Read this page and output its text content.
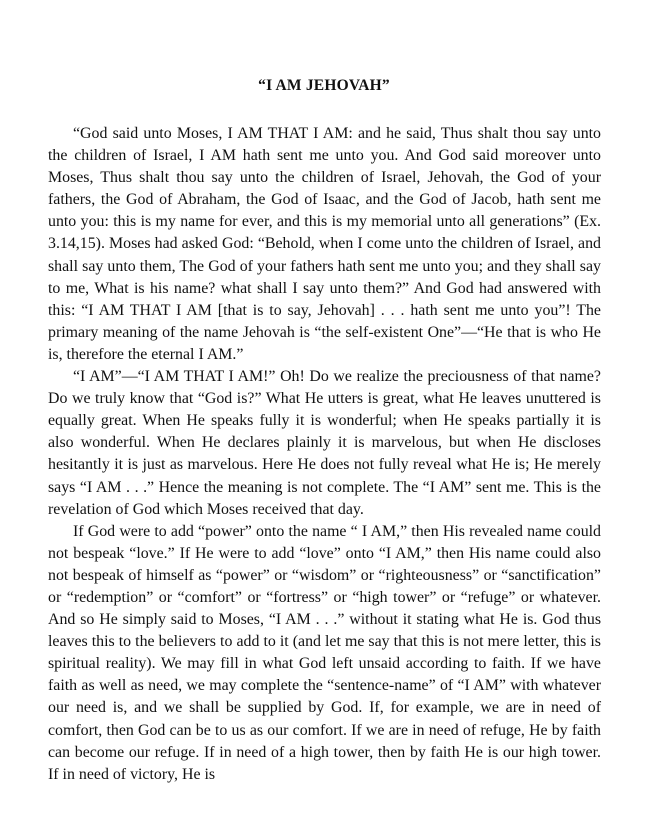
“I AM JEHOVAH”

“God said unto Moses, I AM THAT I AM: and he said, Thus shalt thou say unto the children of Israel, I AM hath sent me unto you. And God said moreover unto Moses, Thus shalt thou say unto the children of Israel, Jehovah, the God of your fathers, the God of Abraham, the God of Isaac, and the God of Jacob, hath sent me unto you: this is my name for ever, and this is my memorial unto all generations” (Ex. 3.14,15). Moses had asked God: “Behold, when I come unto the children of Israel, and shall say unto them, The God of your fathers hath sent me unto you; and they shall say to me, What is his name? what shall I say unto them?” And God had answered with this: “I AM THAT I AM [that is to say, Jehovah] . . . hath sent me unto you”! The primary meaning of the name Jehovah is “the self-existent One”—“He that is who He is, therefore the eternal I AM.”

“I AM”—“I AM THAT I AM!” Oh! Do we realize the preciousness of that name? Do we truly know that “God is?” What He utters is great, what He leaves unuttered is equally great. When He speaks fully it is wonderful; when He speaks partially it is also wonderful. When He declares plainly it is marvelous, but when He discloses hesitantly it is just as marvelous. Here He does not fully reveal what He is; He merely says “I AM . . .” Hence the meaning is not complete. The “I AM” sent me. This is the revelation of God which Moses received that day.

If God were to add “power” onto the name “ I AM,” then His revealed name could not bespeak “love.” If He were to add “love” onto “I AM,” then His name could also not bespeak of himself as “power” or “wisdom” or “righteousness” or “sanctification” or “redemption” or “comfort” or “fortress” or “high tower” or “refuge” or whatever. And so He simply said to Moses, “I AM . . .” without it stating what He is. God thus leaves this to the believers to add to it (and let me say that this is not mere letter, this is spiritual reality). We may fill in what God left unsaid according to faith. If we have faith as well as need, we may complete the “sentence-name” of “I AM” with whatever our need is, and we shall be supplied by God. If, for example, we are in need of comfort, then God can be to us as our comfort. If we are in need of refuge, He by faith can become our refuge. If in need of a high tower, then by faith He is our high tower. If in need of victory, He is
